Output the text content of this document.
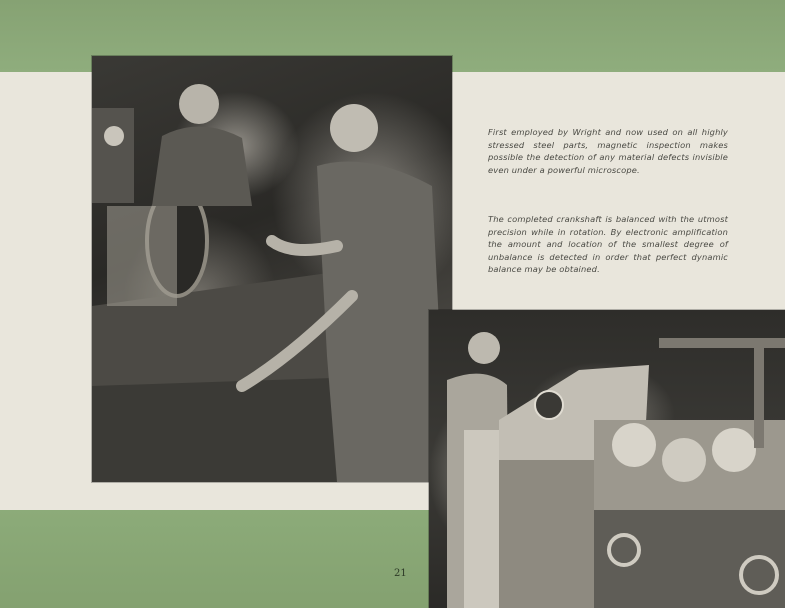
First employed by Wright and now used on all highly stressed steel parts, magnetic inspection makes possible the detection of any material defects invisible even under a powerful microscope.
The completed crankshaft is balanced with the utmost precision while in rotation. By electronic amplification the amount and location of the smallest degree of unbalance is detected in order that perfect dynamic balance may be obtained.
21
